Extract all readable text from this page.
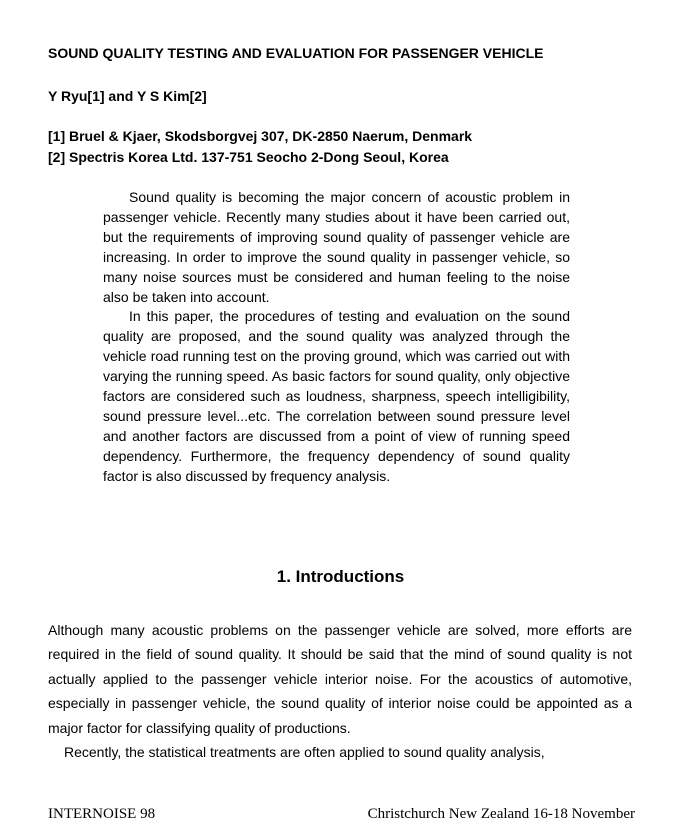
SOUND QUALITY TESTING AND EVALUATION FOR PASSENGER VEHICLE
Y Ryu[1] and Y S Kim[2]
[1] Bruel & Kjaer, Skodsborgvej 307, DK-2850 Naerum, Denmark
[2] Spectris Korea Ltd. 137-751 Seocho 2-Dong Seoul, Korea

Sound quality is becoming the major concern of acoustic problem in passenger vehicle. Recently many studies about it have been carried out, but the requirements of improving sound quality of passenger vehicle are increasing. In order to improve the sound quality in passenger vehicle, so many noise sources must be considered and human feeling to the noise also be taken into account.

In this paper, the procedures of testing and evaluation on the sound quality are proposed, and the sound quality was analyzed through the vehicle road running test on the proving ground, which was carried out with varying the running speed. As basic factors for sound quality, only objective factors are considered such as loudness, sharpness, speech intelligibility, sound pressure level...etc. The correlation between sound pressure level and another factors are discussed from a point of view of running speed dependency. Furthermore, the frequency dependency of sound quality factor is also discussed by frequency analysis.

1. Introductions

Although many acoustic problems on the passenger vehicle are solved, more efforts are required in the field of sound quality. It should be said that the mind of sound quality is not actually applied to the passenger vehicle interior noise. For the acoustics of automotive, especially in passenger vehicle, the sound quality of interior noise could be appointed as a major factor for classifying quality of productions.

Recently, the statistical treatments are often applied to sound quality analysis,

INTERNOISE 98	Christchurch New Zealand 16-18 November
